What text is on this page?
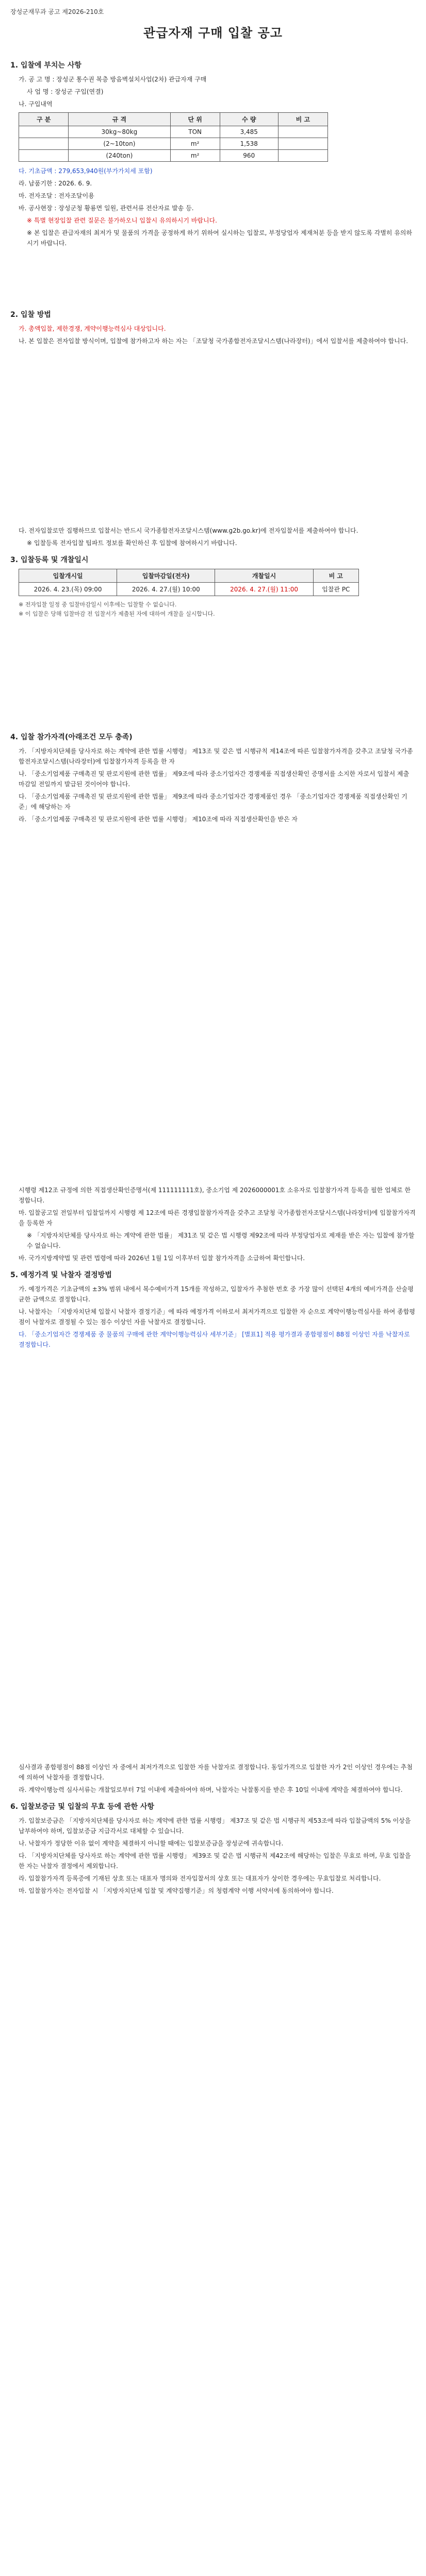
장성군재무과 공고 제2026-210호
관급자재 구매 입찰 공고
1. 입찰에 부치는 사항

가. 공 고 명 : 장성군 통수권 복층 방음벽설치사업(2차) 관급자재 구매

사 업 명 : 장성군 구입(연결)

나. 구입내역

구 분	규 격	단 위	수 량	비 고
	30kg~80kg	TON	3,485	
	(2~10ton)	m²	1,538	
	(240ton)	m²	960	

다. 기초금액 : 279,653,940원(부가가치세 포함)

라. 납품기한 : 2026. 6. 9.

마. 전자조달 : 전자조달이용

바. 공사현장 : 장성군청 황룡면 일원, 관련서류 전산자료 발송 등.

※ 특별 현장입찰 관련 질문은 불가하오니 입찰시 유의하시기 바랍니다.

※ 본 입찰은 관급자재의 최저가 및 물품의 가격을 공정하게 하기 위하여 실시하는 입찰로, 부정당업자 제재처분 등을 받지 않도록 각별히 유의하시기 바랍니다.

2. 입찰 방법

가. 총액입찰, 제한경쟁, 계약이행능력심사 대상입니다.

나. 본 입찰은 전자입찰 방식이며, 입찰에 참가하고자 하는 자는 「조달청 국가종합전자조달시스템(나라장터)」에서 입찰서를 제출하여야 합니다.

다. 전자입찰로만 집행하므로 입찰서는 반드시 국가종합전자조달시스템(www.g2b.go.kr)에 전자입찰서를 제출하여야 합니다.

※ 입찰등록 전자입찰 팁파트 정보를 확인하신 후 입찰에 참여하시기 바랍니다.

3. 입찰등록 및 개찰일시
입찰개시일	입찰마감일(전자)	개찰일시	비 고
2026. 4. 23.(목) 09:00	2026. 4. 27.(월) 10:00	2026. 4. 27.(월) 11:00	입찰관 PC
※ 전자입찰 일정 중 입찰마감일시 이후에는 입찰할 수 없습니다.
※ 이 입찰은 당해 입찰마감 전 입찰서가 제출된 자에 대하여 개찰을 실시합니다.
4. 입찰 참가자격(아래조건 모두 충족)

가. 「지방자치단체를 당사자로 하는 계약에 관한 법률 시행령」 제13조 및 같은 법 시행규칙 제14조에 따른 입찰참가자격을 갖추고 조달청 국가종합전자조달시스템(나라장터)에 입찰참가자격 등록을 한 자

나. 「중소기업제품 구매촉진 및 판로지원에 관한 법률」 제9조에 따라 중소기업자간 경쟁제품 직접생산확인 증명서를 소지한 자로서 입찰서 제출 마감일 전일까지 발급된 것이어야 합니다.

다. 「중소기업제품 구매촉진 및 판로지원에 관한 법률」 제9조에 따라 중소기업자간 경쟁제품인 경우 「중소기업자간 경쟁제품 직접생산확인 기준」에 해당하는 자

라. 「중소기업제품 구매촉진 및 판로지원에 관한 법률 시행령」 제10조에 따라 직접생산확인을 받은 자

시행령 제12조 규정에 의한 직접생산확인증명서(제 111111111호), 중소기업 제 2026000001호 소유자로 입찰참가자격 등록을 필한 업체로 한정합니다.

마. 입찰공고일 전일부터 입찰일까지 시행령 제 12조에 따른 경쟁입찰참가자격을 갖추고 조달청 국가종합전자조달시스템(나라장터)에 입찰참가자격을 등록한 자

※ 「지방자치단체를 당사자로 하는 계약에 관한 법률」 제31조 및 같은 법 시행령 제92조에 따라 부정당업자로 제재를 받은 자는 입찰에 참가할 수 없습니다.

바. 국가지방계약법 및 관련 법령에 따라 2026년 1월 1일 이후부터 입찰 참가자격을 소급하여 확인합니다.

5. 예정가격 및 낙찰자 결정방법

가. 예정가격은 기초금액의 ±3% 범위 내에서 복수예비가격 15개를 작성하고, 입찰자가 추첨한 번호 중 가장 많이 선택된 4개의 예비가격을 산술평균한 금액으로 결정합니다.

나. 낙찰자는 「지방자치단체 입찰시 낙찰자 결정기준」에 따라 예정가격 이하로서 최저가격으로 입찰한 자 순으로 계약이행능력심사를 하여 종합평점이 낙찰자로 결정될 수 있는 점수 이상인 자를 낙찰자로 결정합니다.

다. 「중소기업자간 경쟁제품 중 물품의 구매에 관한 계약이행능력심사 세부기준」 [별표1] 적용 평가결과 종합평점이 88점 이상인 자를 낙찰자로 결정합니다.

심사결과 종합평점이 88점 이상인 자 중에서 최저가격으로 입찰한 자를 낙찰자로 결정합니다. 동일가격으로 입찰한 자가 2인 이상인 경우에는 추첨에 의하여 낙찰자를 결정합니다.

라. 계약이행능력 심사서류는 개찰일로부터 7일 이내에 제출하여야 하며, 낙찰자는 낙찰통지를 받은 후 10일 이내에 계약을 체결하여야 합니다.

6. 입찰보증금 및 입찰의 무효 등에 관한 사항

가. 입찰보증금은 「지방자치단체를 당사자로 하는 계약에 관한 법률 시행령」 제37조 및 같은 법 시행규칙 제53조에 따라 입찰금액의 5% 이상을 납부하여야 하며, 입찰보증금 지급각서로 대체할 수 있습니다.

나. 낙찰자가 정당한 이유 없이 계약을 체결하지 아니할 때에는 입찰보증금을 장성군에 귀속합니다.

다. 「지방자치단체를 당사자로 하는 계약에 관한 법률 시행령」 제39조 및 같은 법 시행규칙 제42조에 해당하는 입찰은 무효로 하며, 무효 입찰을 한 자는 낙찰자 결정에서 제외합니다.

라. 입찰참가자격 등록증에 기재된 상호 또는 대표자 명의와 전자입찰서의 상호 또는 대표자가 상이한 경우에는 무효입찰로 처리합니다.

마. 입찰참가자는 전자입찰 시 「지방자치단체 입찰 및 계약집행기준」의 청렴계약 이행 서약서에 동의하여야 합니다.
